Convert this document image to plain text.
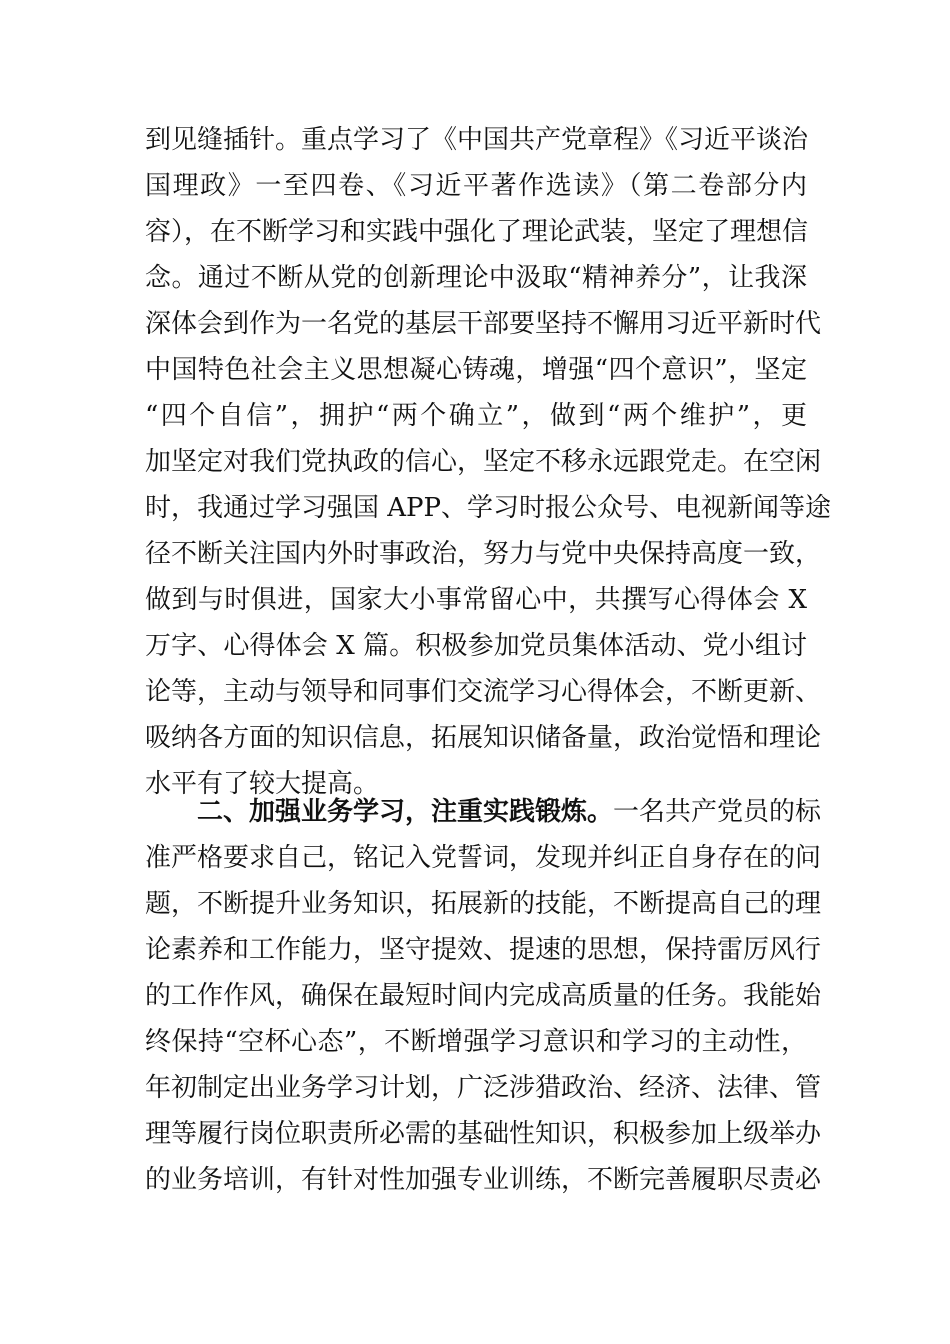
到见缝插针。重点学习了《中国共产党章程》《习近平谈治
国理政》一至四卷、《习近平著作选读》（第二卷部分内
容），在不断学习和实践中强化了理论武装，坚定了理想信
念。通过不断从党的创新理论中汲取“精神养分”，让我深
深体会到作为一名党的基层干部要坚持不懈用习近平新时代
中国特色社会主义思想凝心铸魂，增强“四个意识”，坚定
“四个自信”，拥护“两个确立”，做到“两个维护”，更
加坚定对我们党执政的信心，坚定不移永远跟党走。在空闲
时，我通过学习强国 APP、学习时报公众号、电视新闻等途
径不断关注国内外时事政治，努力与党中央保持高度一致，
做到与时俱进，国家大小事常留心中，共撰写心得体会 X
万字、心得体会 X 篇。积极参加党员集体活动、党小组讨
论等，主动与领导和同事们交流学习心得体会，不断更新、
吸纳各方面的知识信息，拓展知识储备量，政治觉悟和理论
水平有了较大提高。
二、加强业务学习，注重实践锻炼。一名共产党员的标
准严格要求自己，铭记入党誓词，发现并纠正自身存在的问
题，不断提升业务知识，拓展新的技能，不断提高自己的理
论素养和工作能力，坚守提效、提速的思想，保持雷厉风行
的工作作风，确保在最短时间内完成高质量的任务。我能始
终保持“空杯心态”，不断增强学习意识和学习的主动性，
年初制定出业务学习计划，广泛涉猎政治、经济、法律、管
理等履行岗位职责所必需的基础性知识，积极参加上级举办
的业务培训，有针对性加强专业训练，不断完善履职尽责必
